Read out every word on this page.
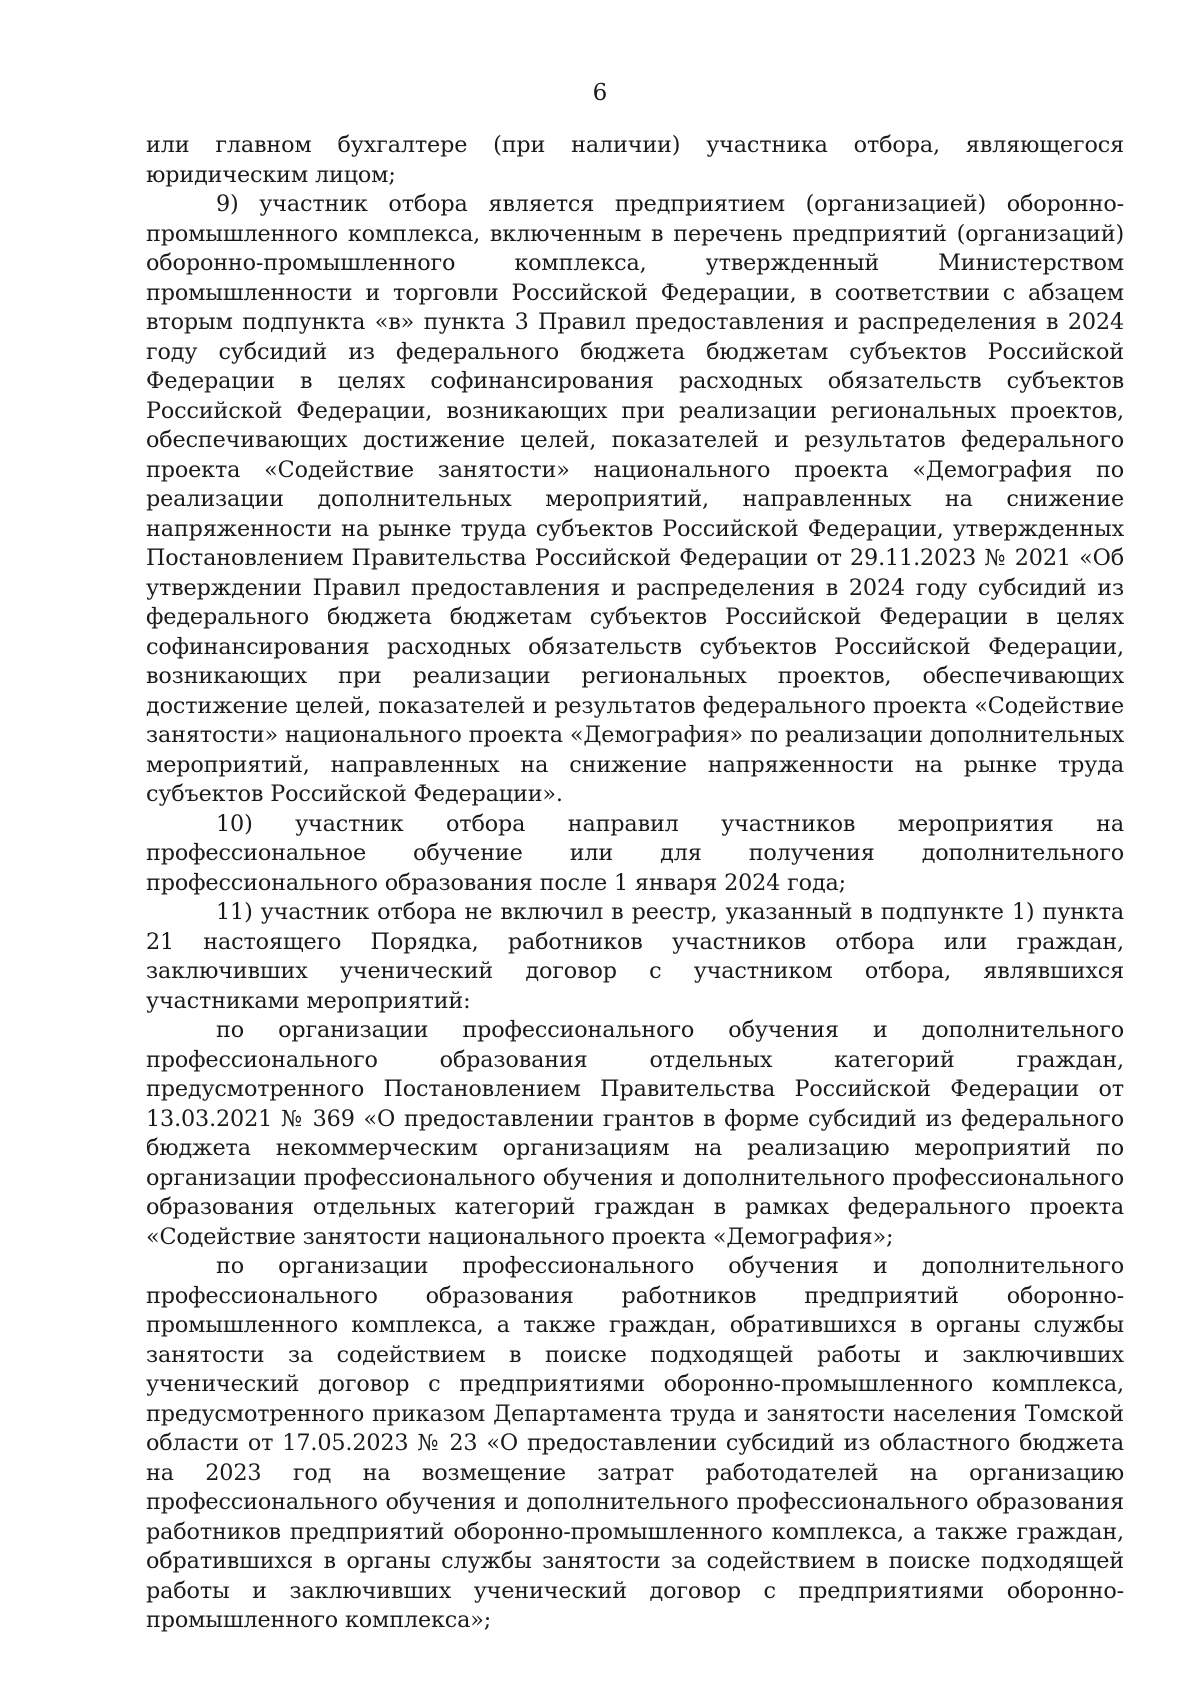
6

или главном бухгалтере (при наличии) участника отбора, являющегося юридическим лицом;

9) участник отбора является предприятием (организацией) оборонно-промышленного комплекса, включенным в перечень предприятий (организаций) оборонно-промышленного комплекса, утвержденный Министерством промышленности и торговли Российской Федерации, в соответствии с абзацем вторым подпункта «в» пункта 3 Правил предоставления и распределения в 2024 году субсидий из федерального бюджета бюджетам субъектов Российской Федерации в целях софинансирования расходных обязательств субъектов Российской Федерации, возникающих при реализации региональных проектов, обеспечивающих достижение целей, показателей и результатов федерального проекта «Содействие занятости» национального проекта «Демография по реализации дополнительных мероприятий, направленных на снижение напряженности на рынке труда субъектов Российской Федерации, утвержденных Постановлением Правительства Российской Федерации от 29.11.2023 № 2021 «Об утверждении Правил предоставления и распределения в 2024 году субсидий из федерального бюджета бюджетам субъектов Российской Федерации в целях софинансирования расходных обязательств субъектов Российской Федерации, возникающих при реализации региональных проектов, обеспечивающих достижение целей, показателей и результатов федерального проекта «Содействие занятости» национального проекта «Демография» по реализации дополнительных мероприятий, направленных на снижение напряженности на рынке труда субъектов Российской Федерации».

10) участник отбора направил участников мероприятия на профессиональное обучение или для получения дополнительного профессионального образования после 1 января 2024 года;

11) участник отбора не включил в реестр, указанный в подпункте 1) пункта 21 настоящего Порядка, работников участников отбора или граждан, заключивших ученический договор с участником отбора, являвшихся участниками мероприятий:

по организации профессионального обучения и дополнительного профессионального образования отдельных категорий граждан, предусмотренного Постановлением Правительства Российской Федерации от 13.03.2021 № 369 «О предоставлении грантов в форме субсидий из федерального бюджета некоммерческим организациям на реализацию мероприятий по организации профессионального обучения и дополнительного профессионального образования отдельных категорий граждан в рамках федерального проекта «Содействие занятости национального проекта «Демография»;

по организации профессионального обучения и дополнительного профессионального образования работников предприятий оборонно-промышленного комплекса, а также граждан, обратившихся в органы службы занятости за содействием в поиске подходящей работы и заключивших ученический договор с предприятиями оборонно-промышленного комплекса, предусмотренного приказом Департамента труда и занятости населения Томской области от 17.05.2023 № 23 «О предоставлении субсидий из областного бюджета на 2023 год на возмещение затрат работодателей на организацию профессионального обучения и дополнительного профессионального образования работников предприятий оборонно-промышленного комплекса, а также граждан, обратившихся в органы службы занятости за содействием в поиске подходящей работы и заключивших ученический договор с предприятиями оборонно-промышленного комплекса»;
